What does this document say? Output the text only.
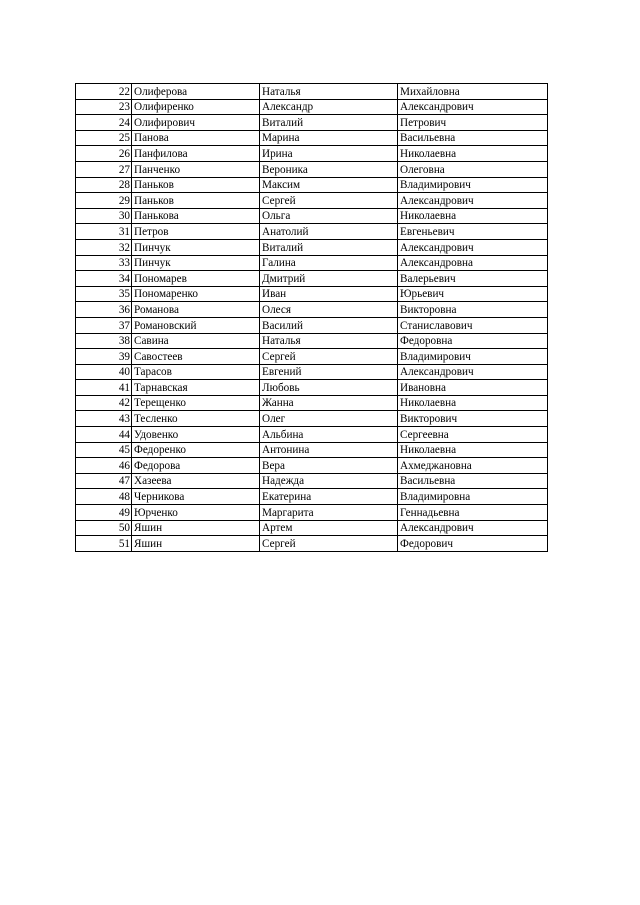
22	Олиферова	Наталья	Михайловна
23	Олифиренко	Александр	Александрович
24	Олифирович	Виталий	Петрович
25	Панова	Марина	Васильевна
26	Панфилова	Ирина	Николаевна
27	Панченко	Вероника	Олеговна
28	Паньков	Максим	Владимирович
29	Паньков	Сергей	Александрович
30	Панькова	Ольга	Николаевна
31	Петров	Анатолий	Евгеньевич
32	Пинчук	Виталий	Александрович
33	Пинчук	Галина	Александровна
34	Пономарев	Дмитрий	Валерьевич
35	Пономаренко	Иван	Юрьевич
36	Романова	Олеся	Викторовна
37	Романовский	Василий	Станиславович
38	Савина	Наталья	Федоровна
39	Савостеев	Сергей	Владимирович
40	Тарасов	Евгений	Александрович
41	Тарнавская	Любовь	Ивановна
42	Терещенко	Жанна	Николаевна
43	Тесленко	Олег	Викторович
44	Удовенко	Альбина	Сергеевна
45	Федоренко	Антонина	Николаевна
46	Федорова	Вера	Ахмеджановна
47	Хазеева	Надежда	Васильевна
48	Черникова	Екатерина	Владимировна
49	Юрченко	Маргарита	Геннадьевна
50	Яшин	Артем	Александрович
51	Яшин	Сергей	Федорович
